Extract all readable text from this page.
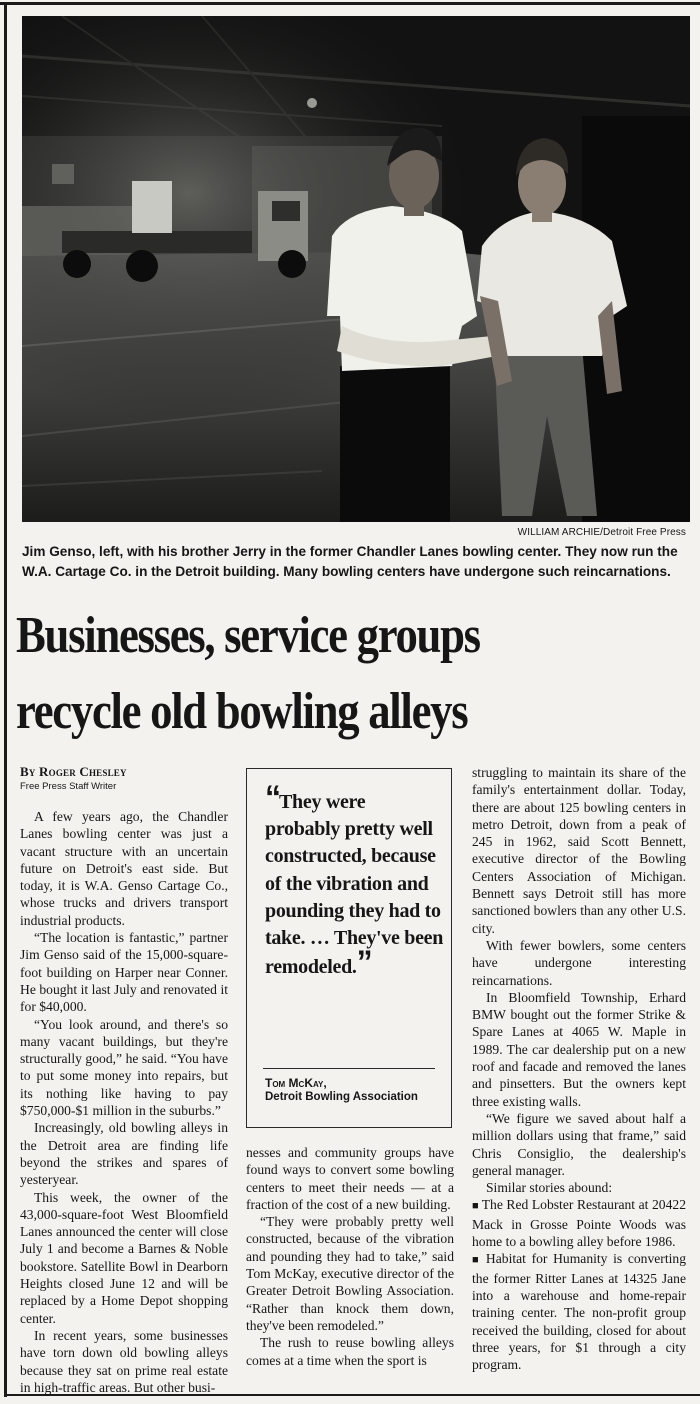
WILLIAM ARCHIE/Detroit Free Press
Jim Genso, left, with his brother Jerry in the former Chandler Lanes bowling center. They now run the W.A. Cartage Co. in the Detroit building. Many bowling centers have undergone such reincarnations.
Businesses, service groups
recycle old bowling alleys
By Roger Chesley
Free Press Staff Writer

A few years ago, the Chandler Lanes bowling center was just a vacant structure with an uncertain future on Detroit's east side. But today, it is W.A. Genso Cartage Co., whose trucks and drivers transport industrial products.

“The location is fantastic,” partner Jim Genso said of the 15,000-square-foot building on Harper near Conner. He bought it last July and renovated it for $40,000.

“You look around, and there's so many vacant buildings, but they're structurally good,” he said. “You have to put some money into repairs, but its nothing like having to pay $750,000-$1 million in the suburbs.”

Increasingly, old bowling alleys in the Detroit area are finding life beyond the strikes and spares of yesteryear.

This week, the owner of the 43,000-square-foot West Bloomfield Lanes announced the center will close July 1 and become a Barnes & Noble bookstore. Satellite Bowl in Dearborn Heights closed June 12 and will be replaced by a Home Depot shopping center.

In recent years, some businesses have torn down old bowling alleys because they sat on prime real estate in high-traffic areas. But other busi-

“They were probably pretty well constructed, because of the vibration and pounding they had to take. … They've been remodeled.”
Tom McKay,
Detroit Bowling Association

nesses and community groups have found ways to convert some bowling centers to meet their needs — at a fraction of the cost of a new building.

“They were probably pretty well constructed, because of the vibration and pounding they had to take,” said Tom McKay, executive director of the Greater Detroit Bowling Association. “Rather than knock them down, they've been remodeled.”

The rush to reuse bowling alleys comes at a time when the sport is

struggling to maintain its share of the family's entertainment dollar. Today, there are about 125 bowling centers in metro Detroit, down from a peak of 245 in 1962, said Scott Bennett, executive director of the Bowling Centers Association of Michigan. Bennett says Detroit still has more sanctioned bowlers than any other U.S. city.

With fewer bowlers, some centers have undergone interesting reincarnations.

In Bloomfield Township, Erhard BMW bought out the former Strike & Spare Lanes at 4065 W. Maple in 1989. The car dealership put on a new roof and facade and removed the lanes and pinsetters. But the owners kept three existing walls.

“We figure we saved about half a million dollars using that frame,” said Chris Consiglio, the dealership's general manager.

Similar stories abound:

■ The Red Lobster Restaurant at 20422 Mack in Grosse Pointe Woods was home to a bowling alley before 1986.

■ Habitat for Humanity is converting the former Ritter Lanes at 14325 Jane into a warehouse and home-repair training center. The non-profit group received the building, closed for about three years, for $1 through a city program.
